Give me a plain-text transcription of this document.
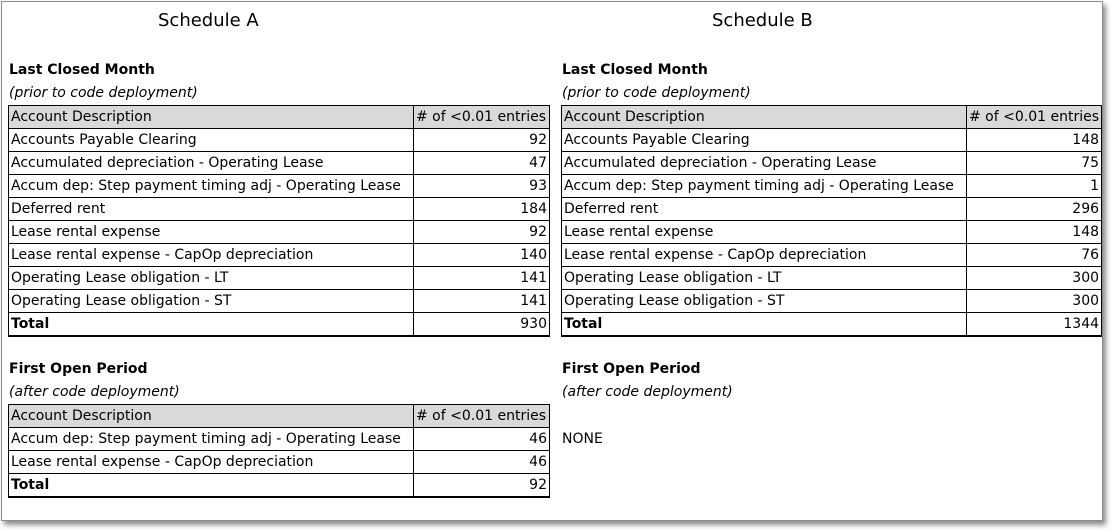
Schedule A
Last Closed Month
(prior to code deployment)
Account Description	# of <0.01 entries
Accounts Payable Clearing	92
Accumulated depreciation - Operating Lease	47
Accum dep: Step payment timing adj - Operating Lease	93
Deferred rent	184
Lease rental expense	92
Lease rental expense - CapOp depreciation	140
Operating Lease obligation - LT	141
Operating Lease obligation - ST	141
Total	930
First Open Period
(after code deployment)
Account Description	# of <0.01 entries
Accum dep: Step payment timing adj - Operating Lease	46
Lease rental expense - CapOp depreciation	46
Total	92
Schedule B
Last Closed Month
(prior to code deployment)
Account Description	# of <0.01 entries
Accounts Payable Clearing	148
Accumulated depreciation - Operating Lease	75
Accum dep: Step payment timing adj - Operating Lease	1
Deferred rent	296
Lease rental expense	148
Lease rental expense - CapOp depreciation	76
Operating Lease obligation - LT	300
Operating Lease obligation - ST	300
Total	1344
First Open Period
(after code deployment)
NONE
